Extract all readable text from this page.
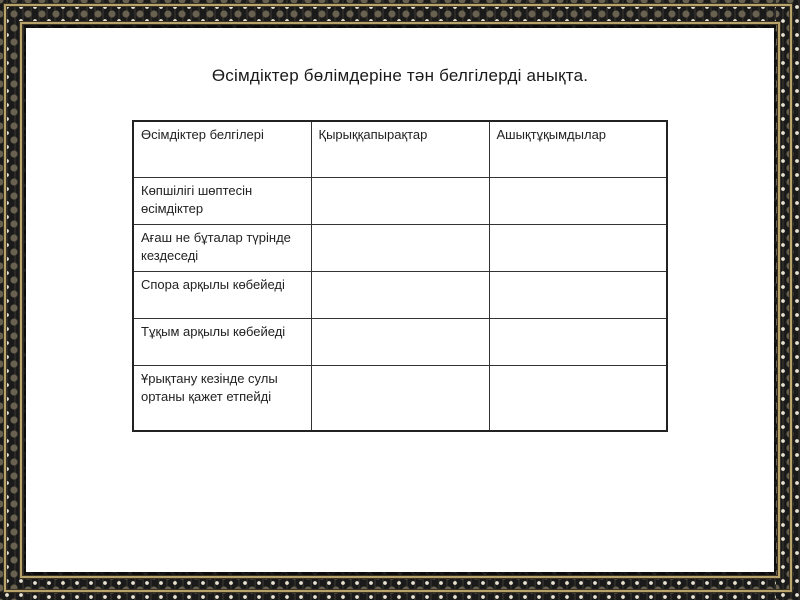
Өсімдіктер бөлімдеріне тән белгілерді анықта.
Өсімдіктер белгілері	Қырыққапырақтар	Ашықтұқымдылар
Көпшілігі шөптесін өсімдіктер		
Ағаш не бұталар түрінде кездеседі		
Спора арқылы көбейеді		
Тұқым арқылы көбейеді		
Ұрықтану кезінде сулы ортаны қажет етпейді		
